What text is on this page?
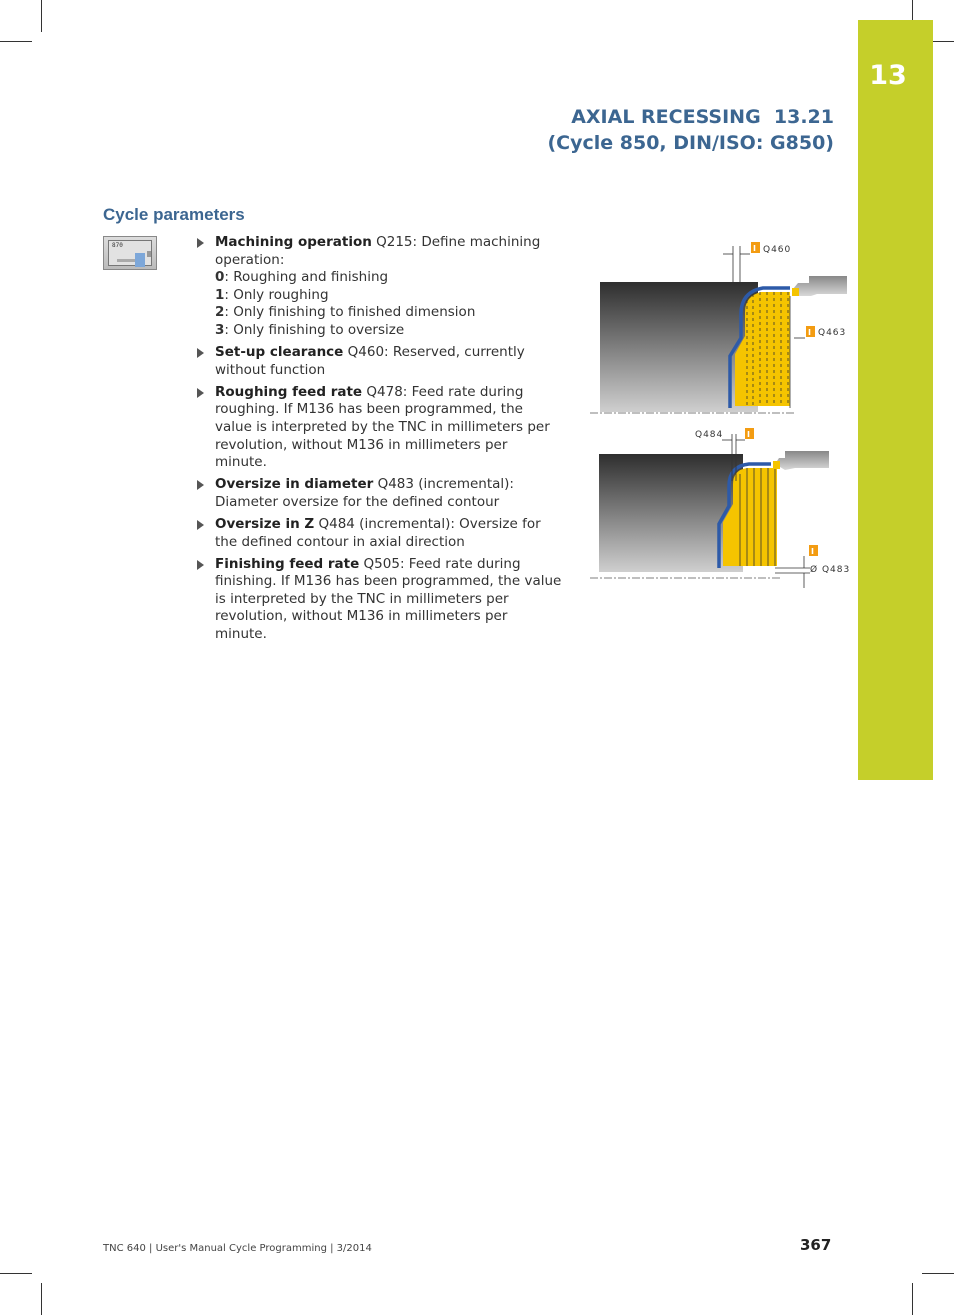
13
AXIAL RECESSING  13.21
(Cycle 850, DIN/ISO: G850)
Cycle parameters
870	Machining operation Q215: Define machining operation:
0: Roughing and finishing
1: Only roughing
2: Only finishing to finished dimension
3: Only finishing to oversize
Set-up clearance Q460: Reserved, currently without function
Roughing feed rate Q478: Feed rate during roughing. If M136 has been programmed, the value is interpreted by the TNC in millimeters per revolution, without M136 in millimeters per minute.
Oversize in diameter Q483 (incremental): Diameter oversize for the defined contour
Oversize in Z Q484 (incremental): Oversize for the defined contour in axial direction
Finishing feed rate Q505: Feed rate during finishing. If M136 has been programmed, the value is interpreted by the TNC in millimeters per revolution, without M136 in millimeters per minute.
I Q460
I Q463
Q484	I
I
Ø Q483
TNC 640 | User's Manual Cycle Programming | 3/2014	367
